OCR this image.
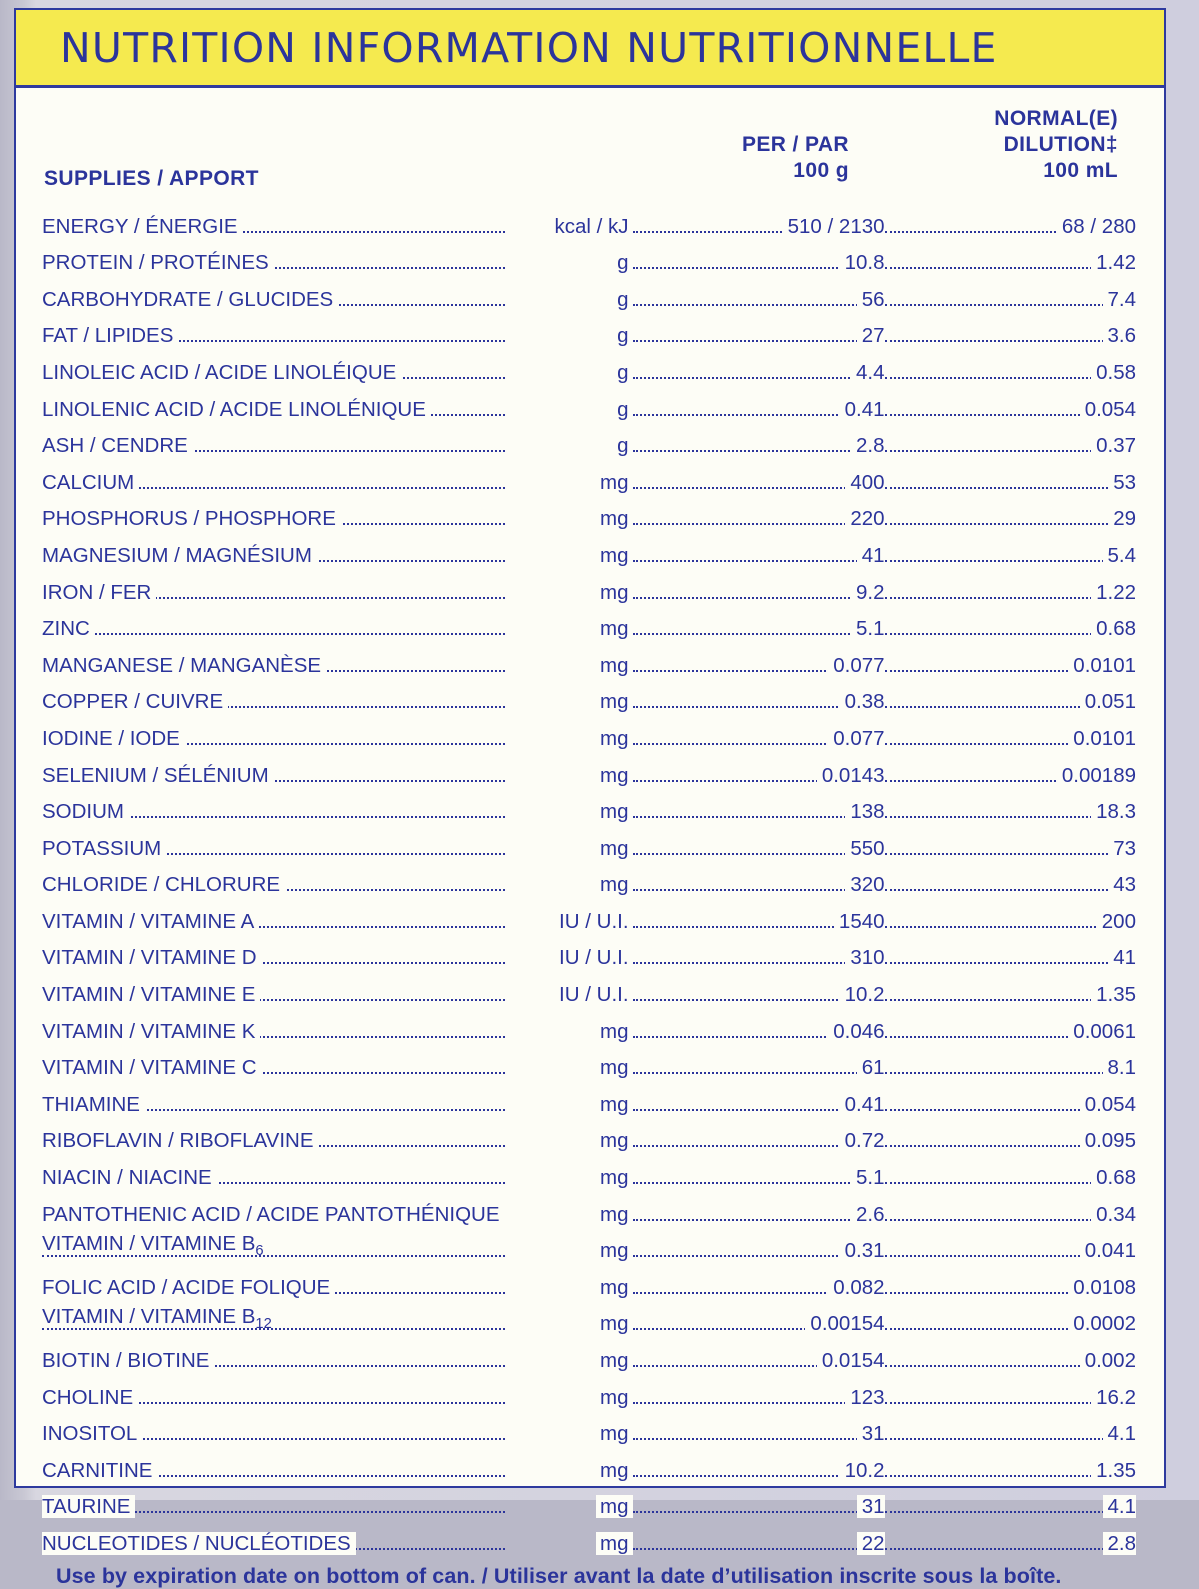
NUTRITION INFORMATION NUTRITIONNELLE
NORMAL(E)
DILUTION‡
100 mL
PER / PAR
100 g
SUPPLIES / APPORT
ENERGY / ÉNERGIE	kcal / kJ	510 / 2130	68 / 280

PROTEIN / PROTÉINES	g	10.8	1.42

CARBOHYDRATE / GLUCIDES	g	56	7.4

FAT / LIPIDES	g	27	3.6

LINOLEIC ACID / ACIDE LINOLÉIQUE	g	4.4	0.58

LINOLENIC ACID / ACIDE LINOLÉNIQUE	g	0.41	0.054

ASH / CENDRE	g	2.8	0.37

CALCIUM	mg	400	53

PHOSPHORUS / PHOSPHORE	mg	220	29

MAGNESIUM / MAGNÉSIUM	mg	41	5.4

IRON / FER	mg	9.2	1.22

ZINC	mg	5.1	0.68

MANGANESE / MANGANÈSE	mg	0.077	0.0101

COPPER / CUIVRE	mg	0.38	0.051

IODINE / IODE	mg	0.077	0.0101

SELENIUM / SÉLÉNIUM	mg	0.0143	0.00189

SODIUM	mg	138	18.3

POTASSIUM	mg	550	73

CHLORIDE / CHLORURE	mg	320	43

VITAMIN / VITAMINE A	IU / U.I.	1540	200

VITAMIN / VITAMINE D	IU / U.I.	310	41

VITAMIN / VITAMINE E	IU / U.I.	10.2	1.35

VITAMIN / VITAMINE K	mg	0.046	0.0061

VITAMIN / VITAMINE C	mg	61	8.1

THIAMINE	mg	0.41	0.054

RIBOFLAVIN / RIBOFLAVINE	mg	0.72	0.095

NIACIN / NIACINE	mg	5.1	0.68

PANTOTHENIC ACID / ACIDE PANTOTHÉNIQUE	mg	2.6	0.34

VITAMIN / VITAMINE $B_6$	mg	0.31	0.041

FOLIC ACID / ACIDE FOLIQUE	mg	0.082	0.0108

VITAMIN / VITAMINE $B_{12}$	mg	0.00154	0.0002

BIOTIN / BIOTINE	mg	0.0154	0.002

CHOLINE	mg	123	16.2

INOSITOL	mg	31	4.1

CARNITINE	mg	10.2	1.35

TAURINE	mg	31	4.1

NUCLEOTIDES / NUCLÉOTIDES	mg	22	2.8
Use by expiration date on bottom of can. / Utiliser avant la date d’utilisation inscrite sous la boîte.
